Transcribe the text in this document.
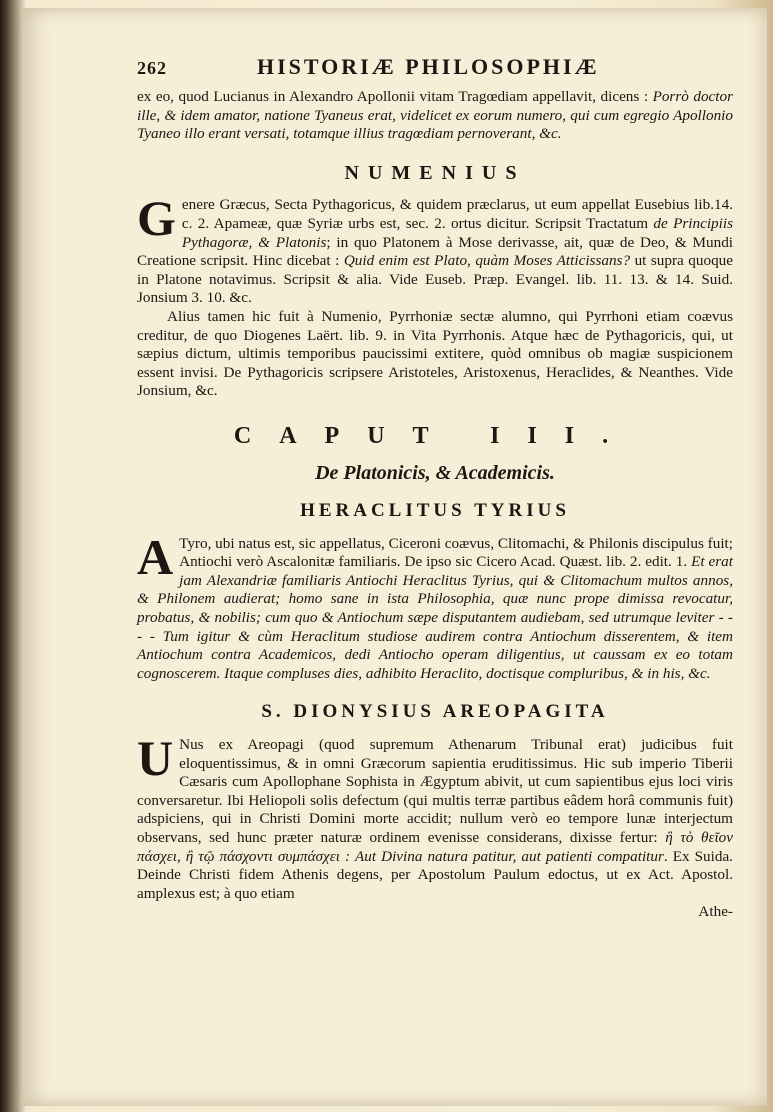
262	HISTORIÆ PHILOSOPHIÆ

ex eo, quod Lucianus in Alexandro Apollonii vitam Tragœdiam appellavit, dicens : Porrò doctor ille, & idem amator, natione Tyaneus erat, videlicet ex eorum numero, qui cum egregio Apollonio Tyaneo illo erant versati, totamque illius tragœdiam pernoverant, &c.

NUMENIUS
G enere Græcus, Secta Pythagoricus, & quidem præclarus, ut eum appellat Eusebius lib.14. c. 2. Apameæ, quæ Syriæ urbs est, sec. 2. ortus dicitur. Scripsit Tractatum de Principiis Pythagoræ, & Platonis; in quo Platonem à Mose derivasse, ait, quæ de Deo, & Mundi Creatione scripsit. Hinc dicebat : Quid enim est Plato, quàm Moses Atticissans? ut supra quoque in Platone notavimus. Scripsit & alia. Vide Euseb. Præp. Evangel. lib. 11. 13. & 14. Suid. Jonsium 3. 10. &c.

Alius tamen hic fuit à Numenio, Pyrrhoniæ sectæ alumno, qui Pyrrhoni etiam coævus creditur, de quo Diogenes Laërt. lib. 9. in Vita Pyrrhonis. Atque hæc de Pythagoricis, qui, ut sæpius dictum, ultimis temporibus paucissimi extitere, quòd omnibus ob magiæ suspicionem essent invisi. De Pythagoricis scripsere Aristoteles, Aristoxenus, Heraclides, & Neanthes. Vide Jonsium, &c.

CAPUT III.
De Platonicis, & Academicis.
HERACLITUS TYRIUS
A Tyro, ubi natus est, sic appellatus, Ciceroni coævus, Clitomachi, & Philonis discipulus fuit; Antiochi verò Ascalonitæ familiaris. De ipso sic Cicero Acad. Quæst. lib. 2. edit. 1. Et erat jam Alexandriæ familiaris Antiochi Heraclitus Tyrius, qui & Clitomachum multos annos, & Philonem audierat; homo sane in ista Philosophia, quæ nunc prope dimissa revocatur, probatus, & nobilis; cum quo & Antiochum sæpe disputantem audiebam, sed utrumque leviter - - - - Tum igitur & cùm Heraclitum studiose audirem contra Antiochum disserentem, & item Antiochum contra Academicos, dedi Antiocho operam diligentius, ut caussam ex eo totam cognoscerem. Itaque compluses dies, adhibito Heraclito, doctisque compluribus, & in his, &c.

S. DIONYSIUS AREOPAGITA
U Nus ex Areopagi (quod supremum Athenarum Tribunal erat) judicibus fuit eloquentissimus, & in omni Græcorum sapientia eruditissimus. Hic sub imperio Tiberii Cæsaris cum Apollophane Sophista in Ægyptum abivit, ut cum sapientibus ejus loci viris conversaretur. Ibi Heliopoli solis defectum (qui multis terræ partibus eâdem horâ communis fuit) adspiciens, qui in Christi Domini morte accidit; nullum verò eo tempore lunæ interjectum observans, sed hunc præter naturæ ordinem evenisse considerans, dixisse fertur: ἢ τὸ θεῖον πάσχει, ἢ τῷ πάσχοντι συμπάσχει : Aut Divina natura patitur, aut patienti compatitur. Ex Suida. Deinde Christi fidem Athenis degens, per Apostolum Paulum edoctus, ut ex Act. Apostol. amplexus est; à quo etiam

Athe-
